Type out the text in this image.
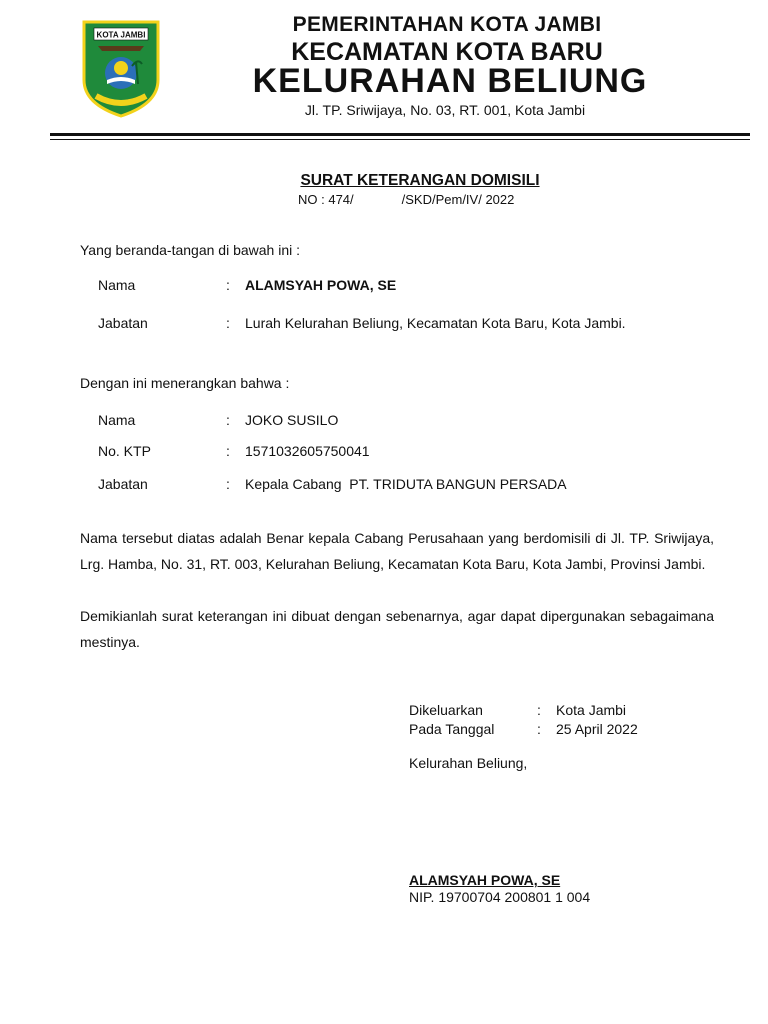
KOTA JAMBI	PEMERINTAHAN KOTA JAMBI
KECAMATAN KOTA BARU
KELURAHAN BELIUNG
Jl. TP. Sriwijaya, No. 03, RT. 001, Kota Jambi
SURAT KETERANGAN DOMISILI
NO : 474/	/SKD/Pem/IV/ 2022
Yang beranda-tangan di bawah ini :
Nama	: ALAMSYAH POWA, SE
Jabatan	: Lurah Kelurahan Beliung, Kecamatan Kota Baru, Kota Jambi.
Dengan ini menerangkan bahwa :
Nama	: JOKO SUSILO
No. KTP	: 1571032605750041
Jabatan	: Kepala Cabang  PT. TRIDUTA BANGUN PERSADA
Nama tersebut diatas adalah Benar kepala Cabang Perusahaan yang berdomisili di Jl. TP. Sriwijaya, Lrg. Hamba, No. 31, RT. 003, Kelurahan Beliung, Kecamatan Kota Baru, Kota Jambi, Provinsi Jambi.
Demikianlah surat keterangan ini dibuat dengan sebenarnya, agar dapat dipergunakan sebagaimana mestinya.
Dikeluarkan	: Kota Jambi
Pada Tanggal	: 25 April 2022
Kelurahan Beliung,
ALAMSYAH POWA, SE
NIP. 19700704 200801 1 004
